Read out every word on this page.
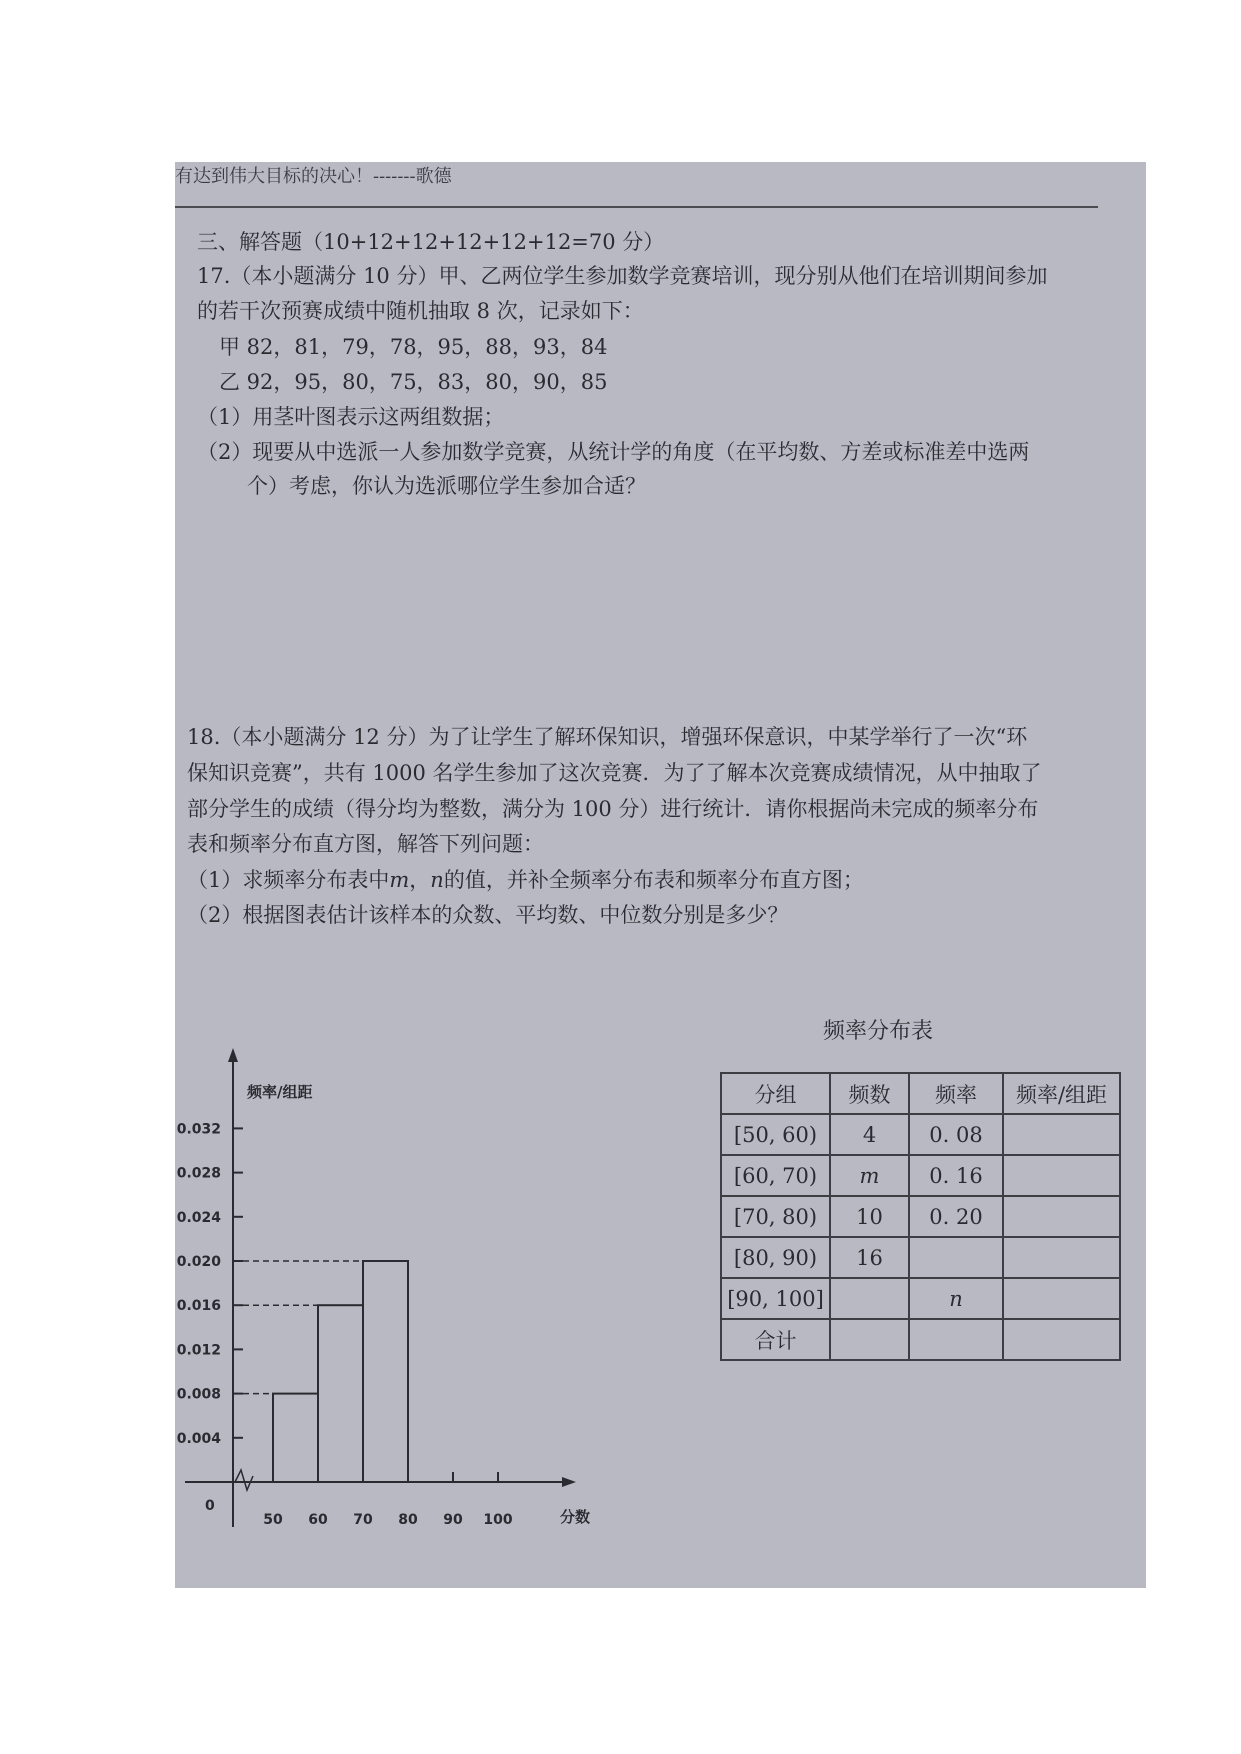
有达到伟大目标的决心！-------歌德
三、解答题（10+12+12+12+12+12=70 分）
17.（本小题满分 10 分）甲、乙两位学生参加数学竞赛培训，现分别从他们在培训期间参加
的若干次预赛成绩中随机抽取 8 次，记录如下：
甲 82，81，79，78，95，88，93，84
乙 92，95，80，75，83，80，90，85
（1）用茎叶图表示这两组数据；
（2）现要从中选派一人参加数学竞赛，从统计学的角度（在平均数、方差或标准差中选两
个）考虑，你认为选派哪位学生参加合适？
18.（本小题满分 12 分）为了让学生了解环保知识，增强环保意识，中某学举行了一次“环
保知识竞赛”，共有 1000 名学生参加了这次竞赛．为了了解本次竞赛成绩情况，从中抽取了
部分学生的成绩（得分均为整数，满分为 100 分）进行统计．请你根据尚未完成的频率分布
表和频率分布直方图，解答下列问题：
（1）求频率分布表中m，n的值，并补全频率分布表和频率分布直方图；
（2）根据图表估计该样本的众数、平均数、中位数分别是多少？
0.004
0.008
0.012
0.016
0.020
0.024
0.028
0.032
50 60 70 80 90 100
0
频率/组距
分数
频率分布表
分组	频数	频率	频率/组距
[50, 60)	4	0. 08	
[60, 70)	m	0. 16	
[70, 80)	10	0. 20	
[80, 90)	16		
[90, 100]		n	
合计			
